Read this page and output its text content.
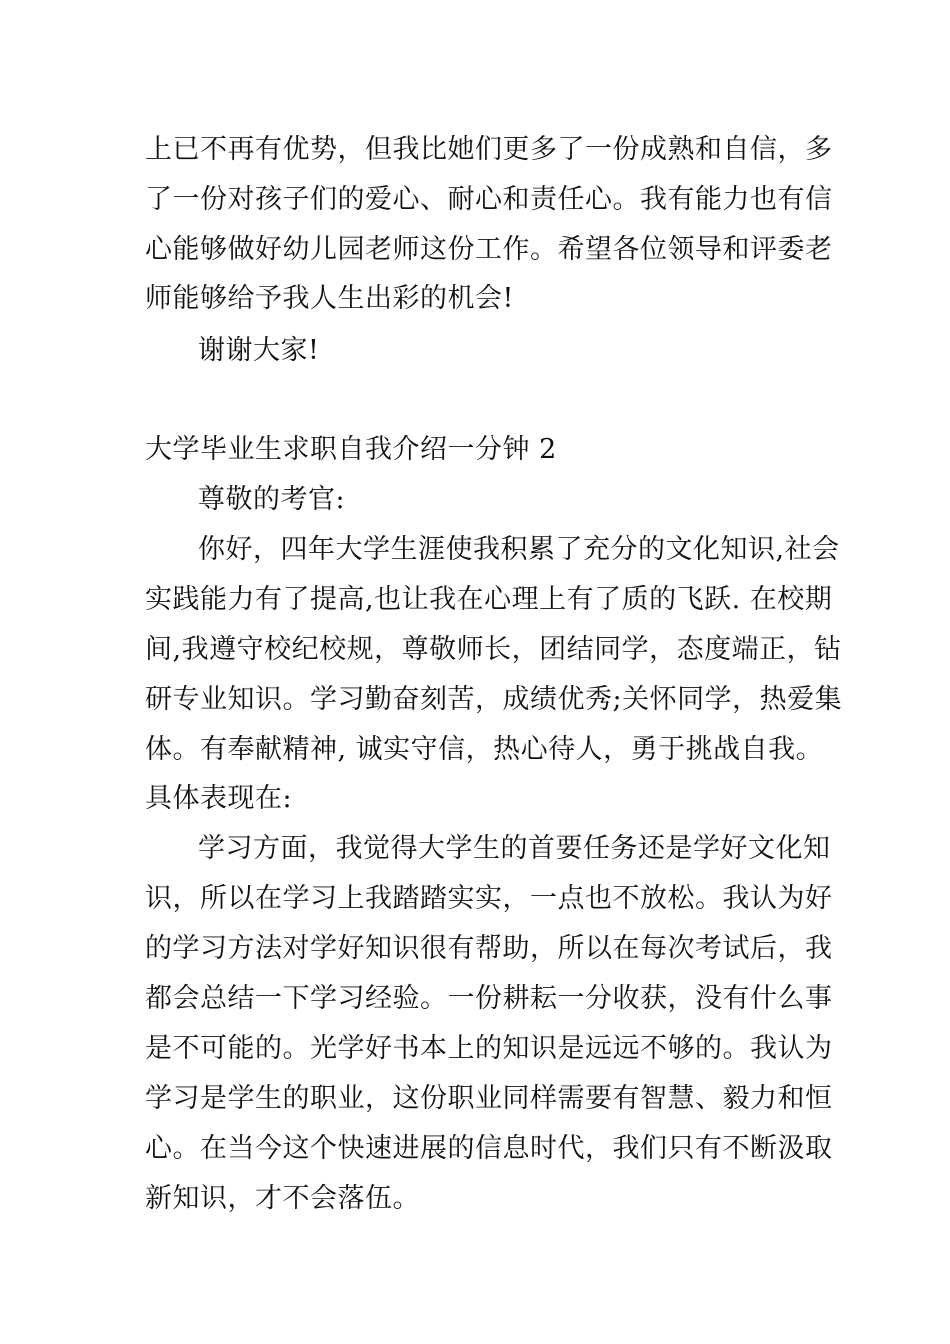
上已不再有优势，但我比她们更多了一份成熟和自信，多
了一份对孩子们的爱心、耐心和责任心。我有能力也有信
心能够做好幼儿园老师这份工作。希望各位领导和评委老
师能够给予我人生出彩的机会!
谢谢大家!
大学毕业生求职自我介绍一分钟 2
尊敬的考官:
你好，四年大学生涯使我积累了充分的文化知识,社会
实践能力有了提高,也让我在心理上有了质的飞跃. 在校期
间,我遵守校纪校规，尊敬师长，团结同学，态度端正，钻
研专业知识。学习勤奋刻苦，成绩优秀;关怀同学，热爱集
体。有奉献精神, 诚实守信，热心待人，勇于挑战自我。
具体表现在:
学习方面，我觉得大学生的首要任务还是学好文化知
识，所以在学习上我踏踏实实，一点也不放松。我认为好
的学习方法对学好知识很有帮助，所以在每次考试后，我
都会总结一下学习经验。一份耕耘一分收获，没有什么事
是不可能的。光学好书本上的知识是远远不够的。我认为
学习是学生的职业，这份职业同样需要有智慧、毅力和恒
心。在当今这个快速进展的信息时代，我们只有不断汲取
新知识，才不会落伍。
